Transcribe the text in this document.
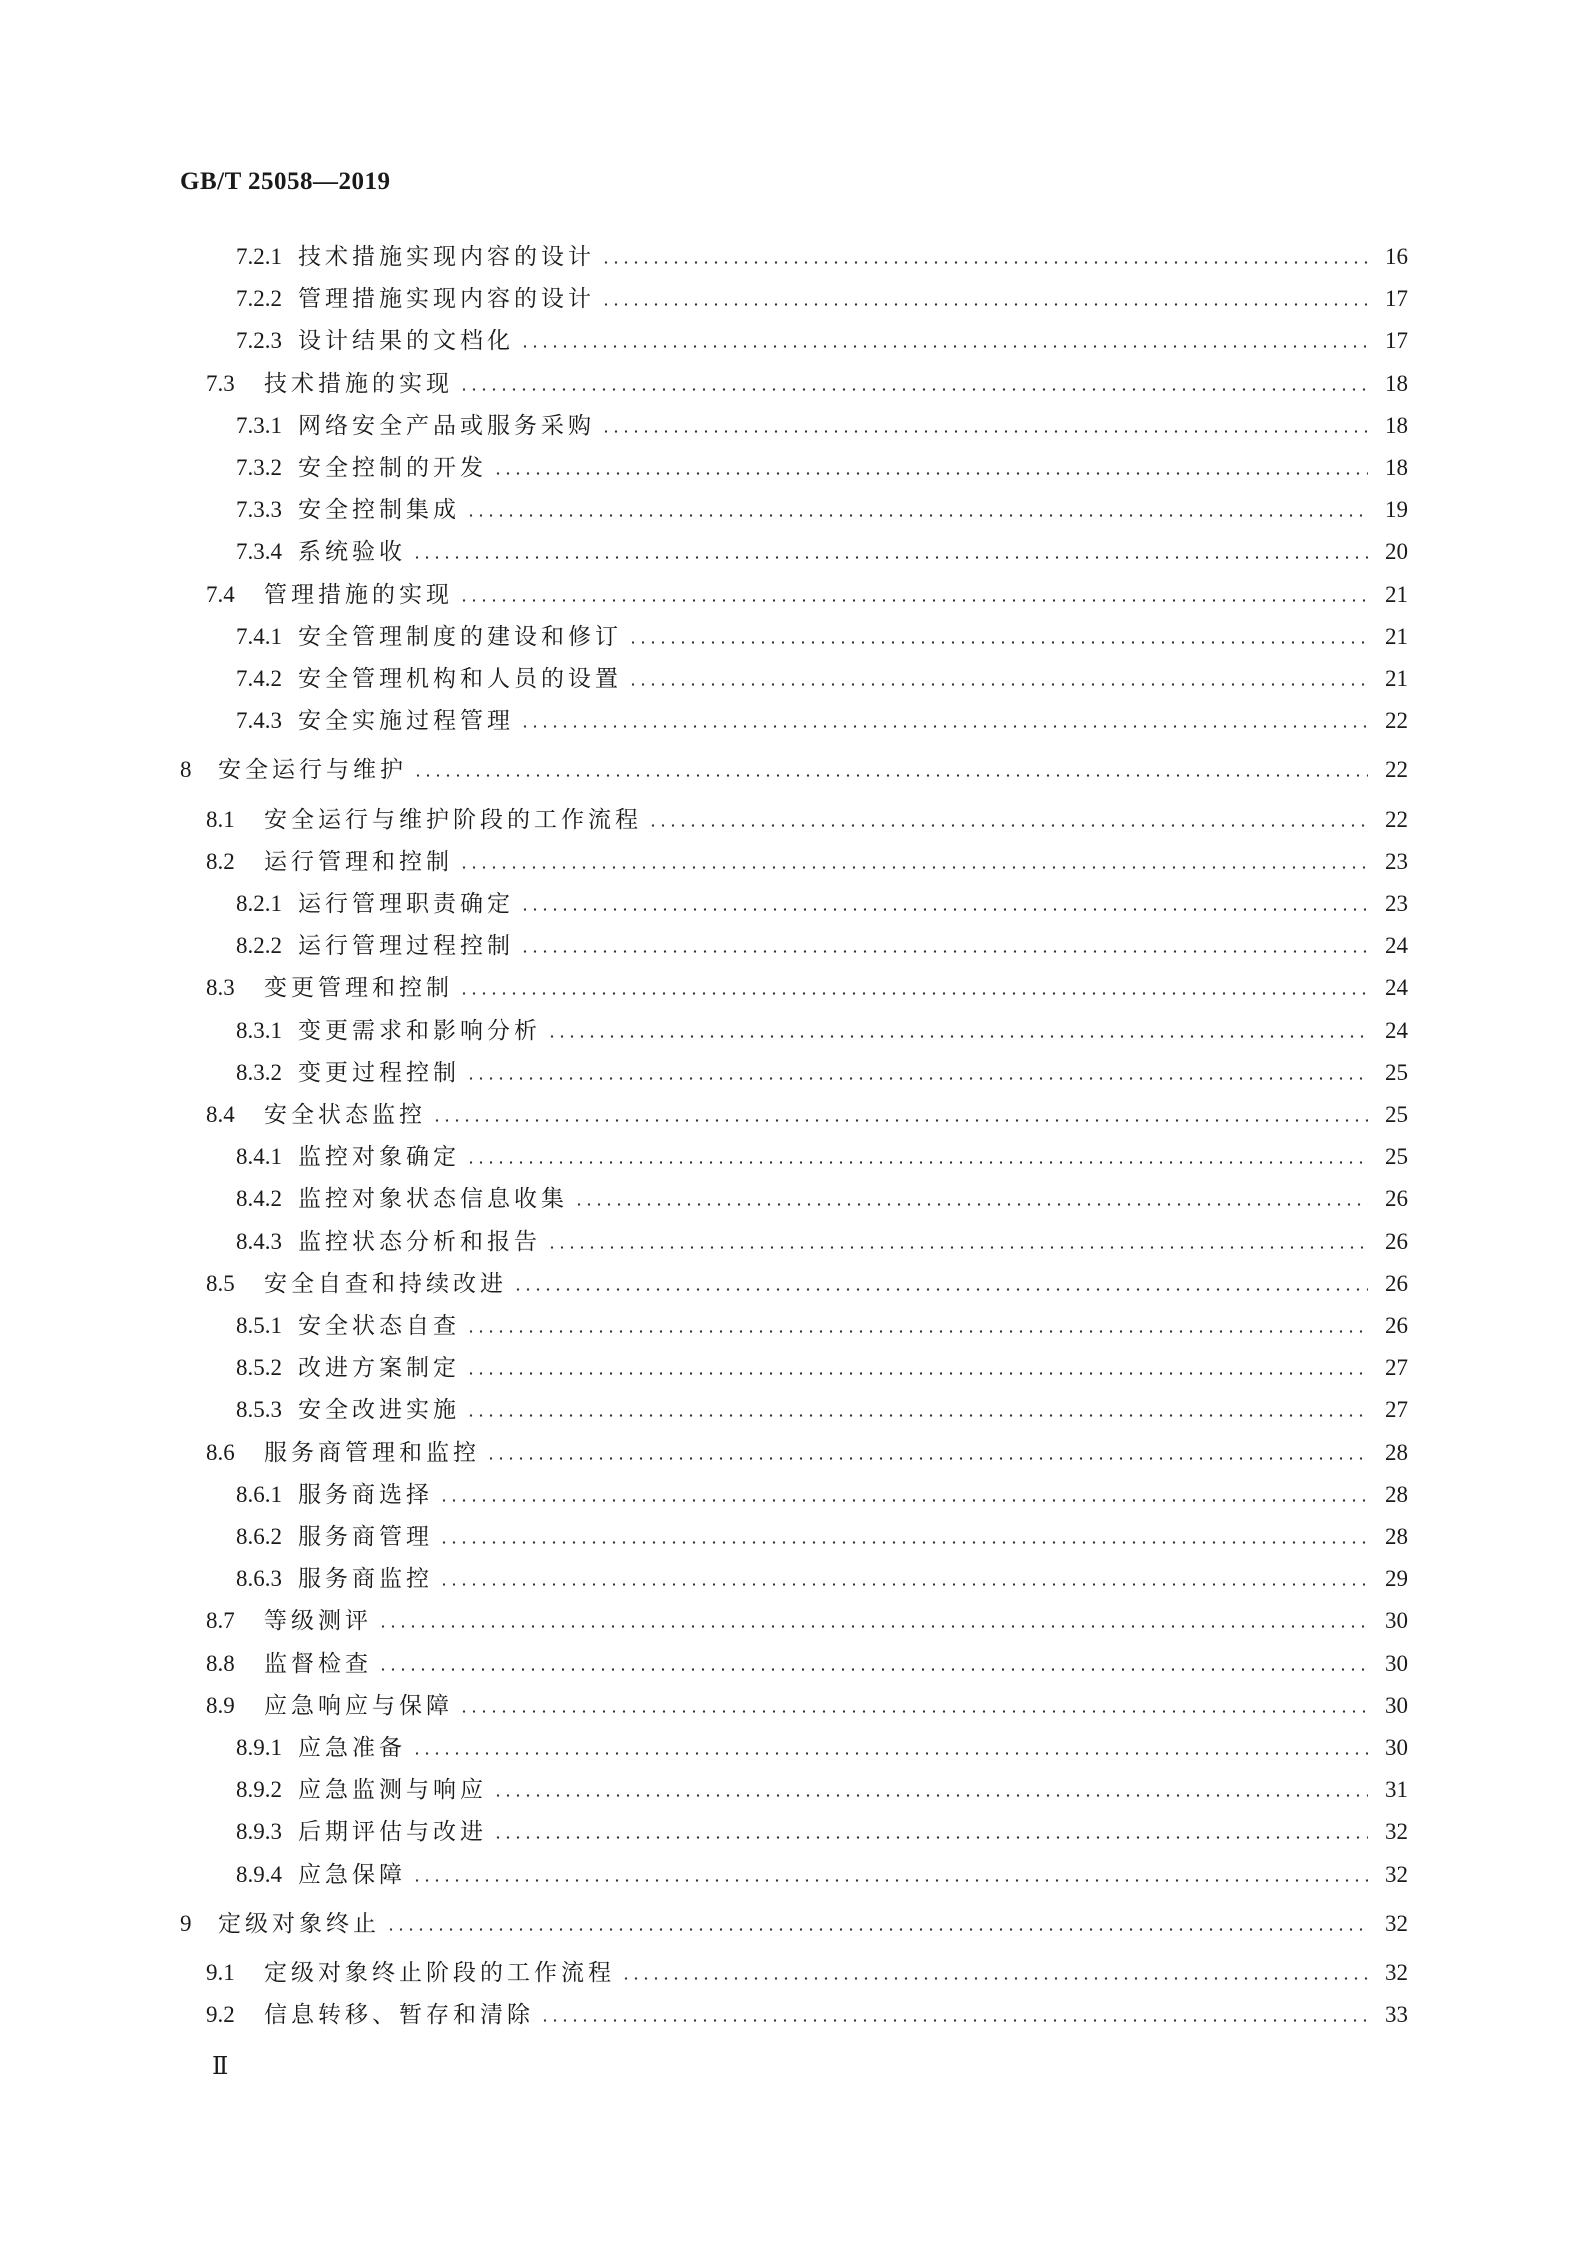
GB/T 25058—2019
7.2.1 技术措施实现内容的设计	16
7.2.2 管理措施实现内容的设计	17
7.2.3 设计结果的文档化	17
7.3	技术措施的实现	18
7.3.1 网络安全产品或服务采购	18
7.3.2 安全控制的开发	18
7.3.3 安全控制集成	19
7.3.4 系统验收	20
7.4	管理措施的实现	21
7.4.1 安全管理制度的建设和修订	21
7.4.2 安全管理机构和人员的设置	21
7.4.3 安全实施过程管理	22
8	安全运行与维护	22
8.1	安全运行与维护阶段的工作流程	22
8.2	运行管理和控制	23
8.2.1 运行管理职责确定	23
8.2.2 运行管理过程控制	24
8.3	变更管理和控制	24
8.3.1 变更需求和影响分析	24
8.3.2 变更过程控制	25
8.4	安全状态监控	25
8.4.1 监控对象确定	25
8.4.2 监控对象状态信息收集	26
8.4.3 监控状态分析和报告	26
8.5	安全自查和持续改进	26
8.5.1 安全状态自查	26
8.5.2 改进方案制定	27
8.5.3 安全改进实施	27
8.6	服务商管理和监控	28
8.6.1 服务商选择	28
8.6.2 服务商管理	28
8.6.3 服务商监控	29
8.7	等级测评	30
8.8	监督检查	30
8.9	应急响应与保障	30
8.9.1 应急准备	30
8.9.2 应急监测与响应	31
8.9.3 后期评估与改进	32
8.9.4 应急保障	32
9	定级对象终止	32
9.1	定级对象终止阶段的工作流程	32
9.2	信息转移、暂存和清除	33
Ⅱ
